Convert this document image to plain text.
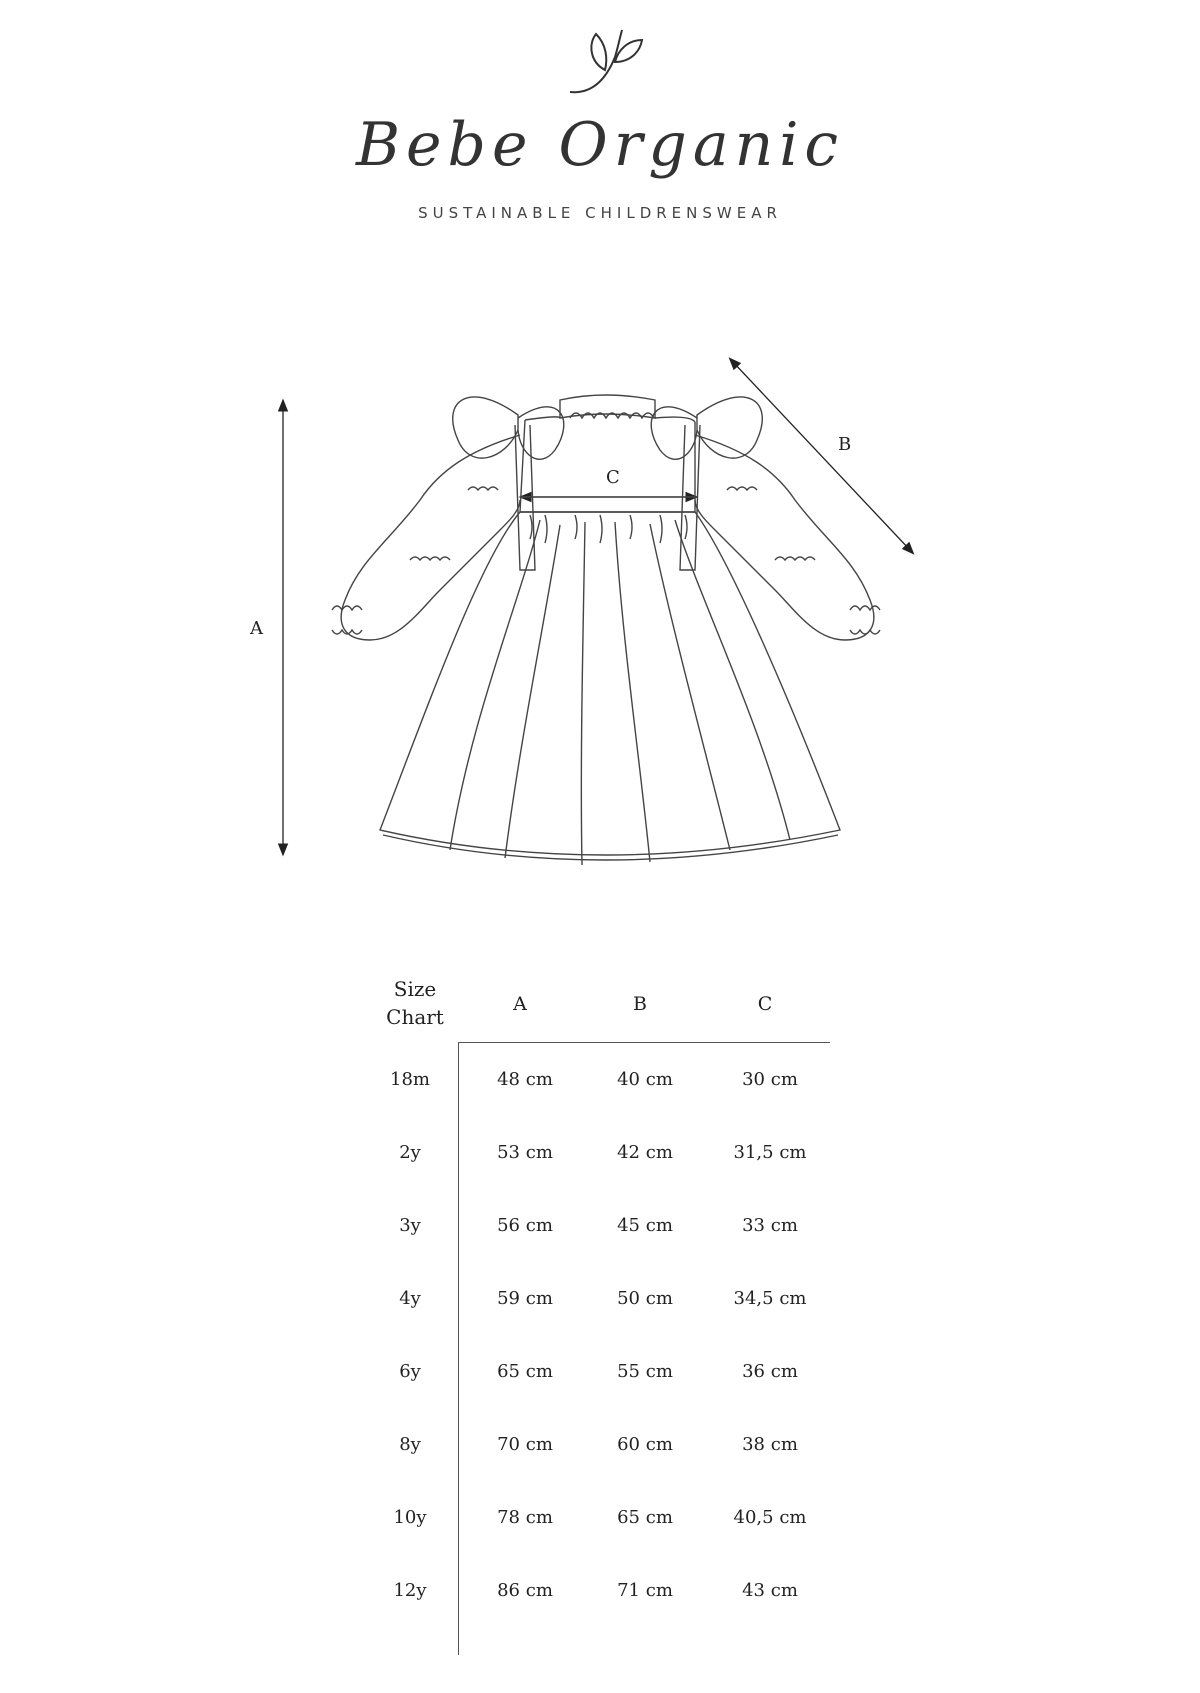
Bebe Organic
SUSTAINABLE CHILDRENSWEAR
A
B
C
Size
Chart
A	B	C
18m	48 cm	40 cm	30 cm
2y	53 cm	42 cm	31,5 cm
3y	56 cm	45 cm	33 cm
4y	59 cm	50 cm	34,5 cm
6y	65 cm	55 cm	36 cm
8y	70 cm	60 cm	38 cm
10y	78 cm	65 cm	40,5 cm
12y	86 cm	71 cm	43 cm
